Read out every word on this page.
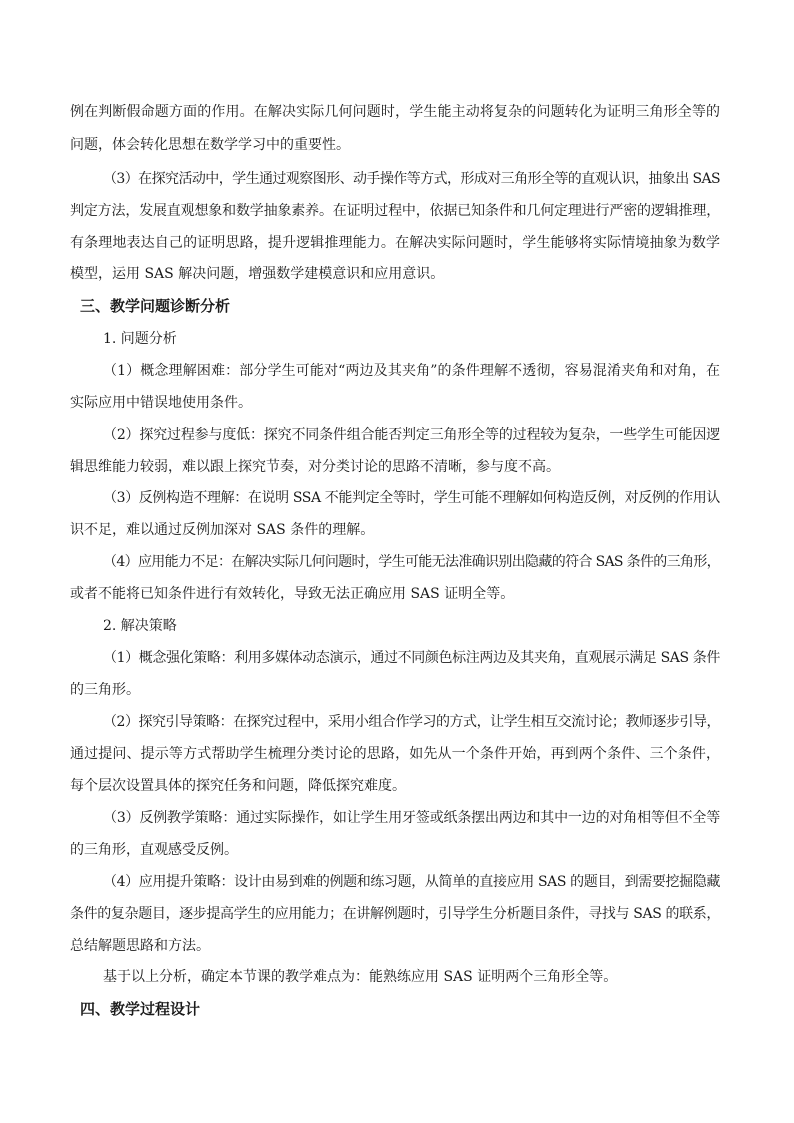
例在判断假命题方面的作用。在解决实际几何问题时，学生能主动将复杂的问题转化为证明三角形全等的
问题，体会转化思想在数学学习中的重要性。
（3）在探究活动中，学生通过观察图形、动手操作等方式，形成对三角形全等的直观认识，抽象出 SAS
判定方法，发展直观想象和数学抽象素养。在证明过程中，依据已知条件和几何定理进行严密的逻辑推理，
有条理地表达自己的证明思路，提升逻辑推理能力。在解决实际问题时，学生能够将实际情境抽象为数学
模型，运用 SAS 解决问题，增强数学建模意识和应用意识。
三、教学问题诊断分析
1. 问题分析
（1）概念理解困难：部分学生可能对“两边及其夹角”的条件理解不透彻，容易混淆夹角和对角，在
实际应用中错误地使用条件。
（2）探究过程参与度低：探究不同条件组合能否判定三角形全等的过程较为复杂，一些学生可能因逻
辑思维能力较弱，难以跟上探究节奏，对分类讨论的思路不清晰，参与度不高。
（3）反例构造不理解：在说明 SSA 不能判定全等时，学生可能不理解如何构造反例，对反例的作用认
识不足，难以通过反例加深对 SAS 条件的理解。
（4）应用能力不足：在解决实际几何问题时，学生可能无法准确识别出隐藏的符合 SAS 条件的三角形，
或者不能将已知条件进行有效转化，导致无法正确应用 SAS 证明全等。
2. 解决策略
（1）概念强化策略：利用多媒体动态演示，通过不同颜色标注两边及其夹角，直观展示满足 SAS 条件
的三角形。
（2）探究引导策略：在探究过程中，采用小组合作学习的方式，让学生相互交流讨论；教师逐步引导，
通过提问、提示等方式帮助学生梳理分类讨论的思路，如先从一个条件开始，再到两个条件、三个条件，
每个层次设置具体的探究任务和问题，降低探究难度。
（3）反例教学策略：通过实际操作，如让学生用牙签或纸条摆出两边和其中一边的对角相等但不全等
的三角形，直观感受反例。
（4）应用提升策略：设计由易到难的例题和练习题，从简单的直接应用 SAS 的题目，到需要挖掘隐藏
条件的复杂题目，逐步提高学生的应用能力；在讲解例题时，引导学生分析题目条件，寻找与 SAS 的联系，
总结解题思路和方法。
基于以上分析，确定本节课的教学难点为：能熟练应用 SAS 证明两个三角形全等。
四、教学过程设计
